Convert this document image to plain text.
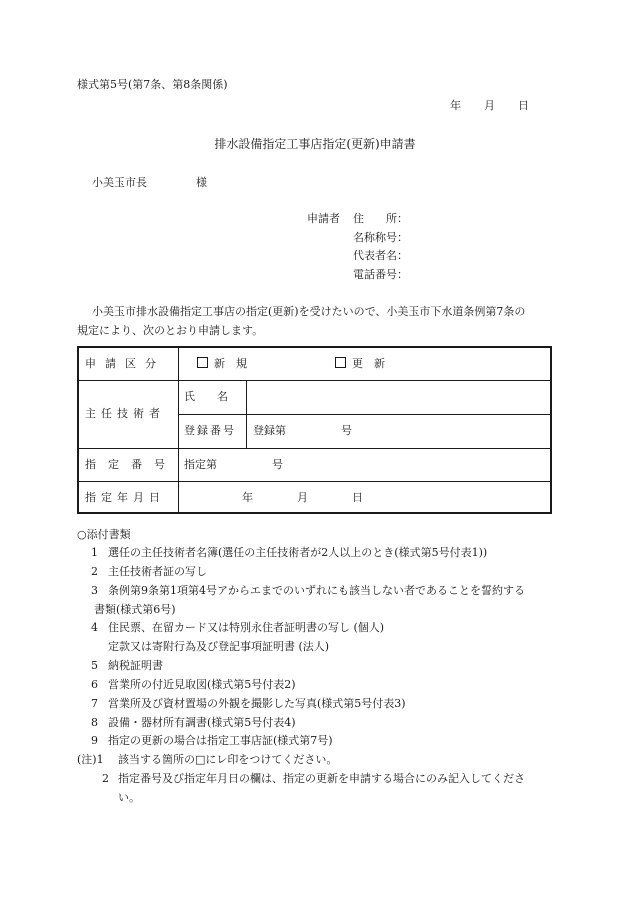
様式第5号(第7条、第8条関係)
年 月 日
排水設備指定工事店指定(更新)申請書
小美玉市長	様
申請者 住　　所：
名称称号：
代表者名：
電話番号：
小美玉市排水設備指定工事店の指定(更新)を受けたいので、小美玉市下水道条例第7条の
規定により、次のとおり申請します。
申請区分	新　規	更　新
主任技術者
氏　　名
登録番号 登録第　　　　　号
指定番号 指定第　　　　　号
指定年月日	年　　　　月　　　　日
○添付書類
1 選任の主任技術者名簿(選任の主任技術者が2人以上のとき(様式第5号付表1))
2 主任技術者証の写し
3 条例第9条第1項第4号アからエまでのいずれにも該当しない者であることを誓約する
書類(様式第6号)
4 住民票、在留カード又は特別永住者証明書の写し (個人)
定款又は寄附行為及び登記事項証明書 (法人)
5 納税証明書
6 営業所の付近見取図(様式第5号付表2)
7 営業所及び資材置場の外観を撮影した写真(様式第5号付表3)
8 設備・器材所有調書(様式第5号付表4)
9 指定の更新の場合は指定工事店証(様式第7号)
(注)1 該当する箇所の□にレ印をつけてください。
2 指定番号及び指定年月日の欄は、指定の更新を申請する場合にのみ記入してくださ
い。
